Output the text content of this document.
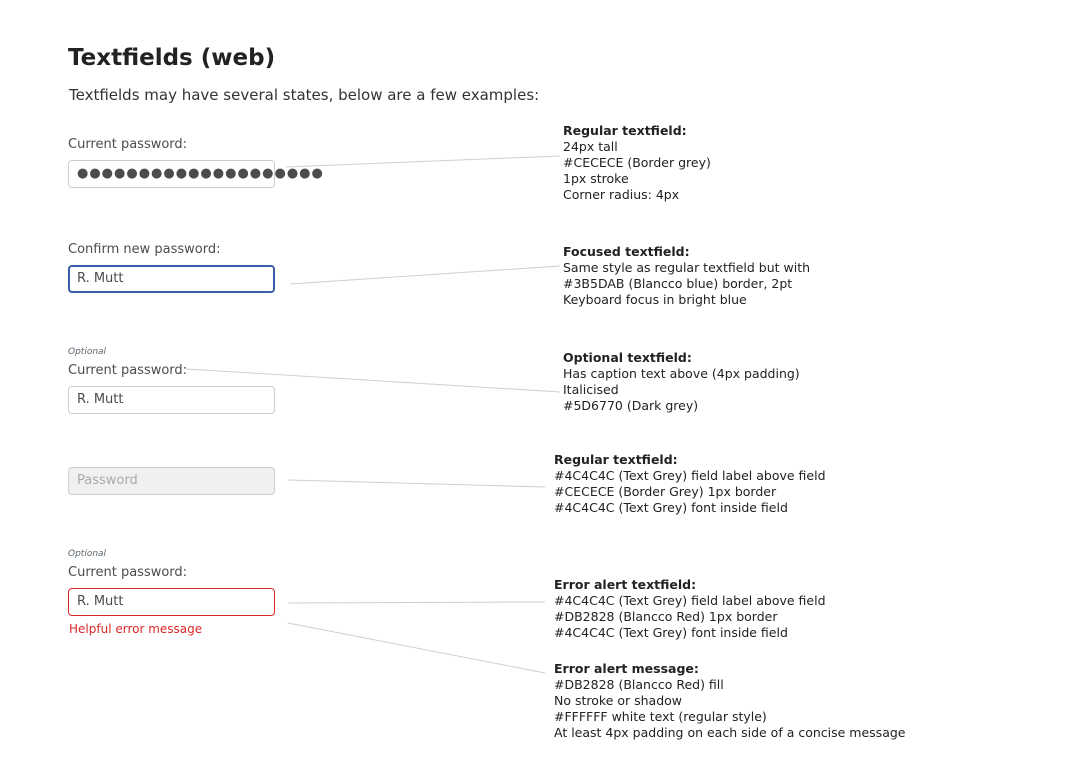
Textfields (web)
Textfields may have several states, below are a few examples:
Current password:
●●●●●●●●●●●●●●●●●●●●
Confirm new password:
R. Mutt
Optional
Current password:
R. Mutt
Password
Optional
Current password:
R. Mutt
Helpful error message
Regular textfield:
24px tall
#CECECE (Border grey)
1px stroke
Corner radius: 4px
Focused textfield:
Same style as regular textfield but with
#3B5DAB (Blancco blue) border, 2pt
Keyboard focus in bright blue
Optional textfield:
Has caption text above (4px padding)
Italicised
#5D6770 (Dark grey)
Regular textfield:
#4C4C4C (Text Grey) field label above field
#CECECE (Border Grey) 1px border
#4C4C4C (Text Grey) font inside field
Error alert textfield:
#4C4C4C (Text Grey) field label above field
#DB2828 (Blancco Red) 1px border
#4C4C4C (Text Grey) font inside field
Error alert message:
#DB2828 (Blancco Red) fill
No stroke or shadow
#FFFFFF white text (regular style)
At least 4px padding on each side of a concise message
